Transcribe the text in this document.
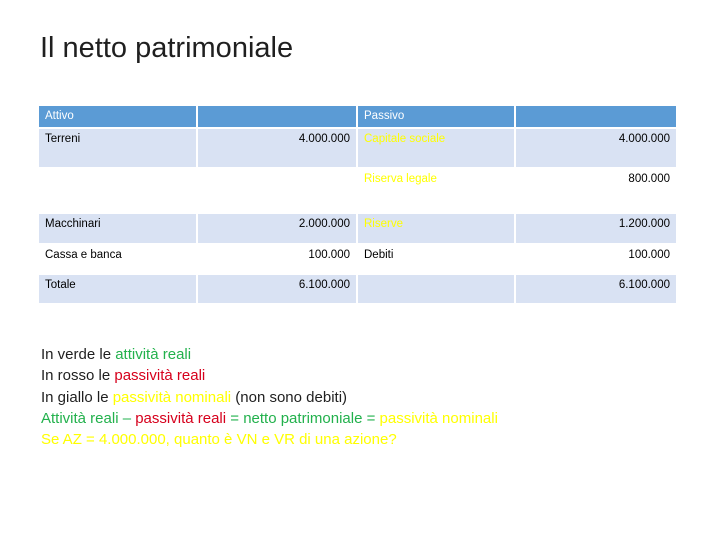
Il netto patrimoniale
Attivo		Passivo	
Terreni	4.000.000	Capitale sociale	4.000.000
		Riserva legale	800.000
Macchinari	2.000.000	Riserve	1.200.000
Cassa e banca	100.000	Debiti	100.000
Totale	6.100.000		6.100.000
In verde le attività reali
In rosso le passività reali
In giallo le passività nominali (non sono debiti)
Attività reali – passività reali = netto patrimoniale = passività nominali
Se AZ = 4.000.000, quanto è VN e VR di una azione?
